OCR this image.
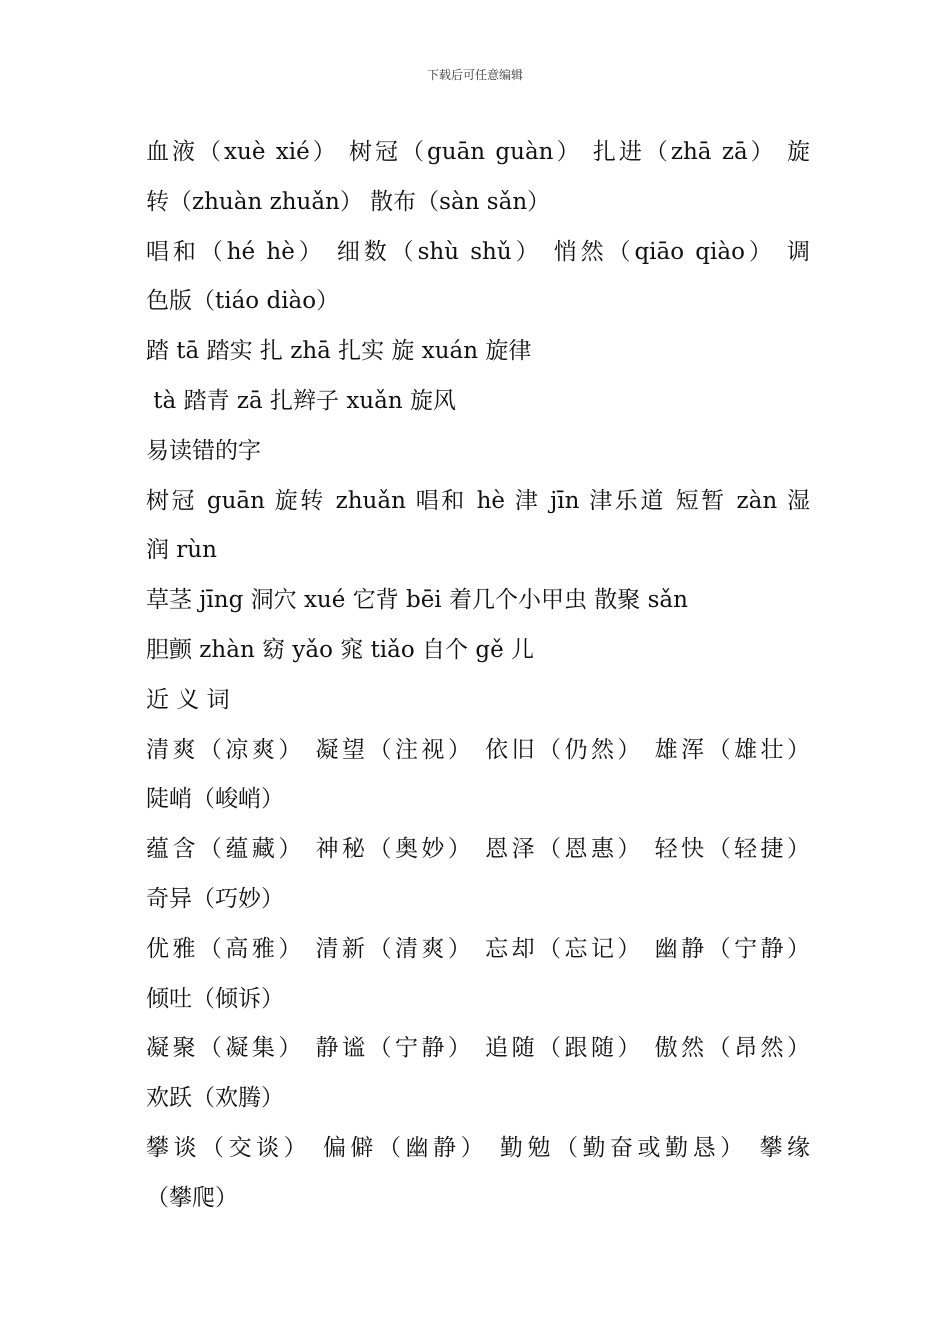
下载后可任意编辑
血液（xuè xié） 树冠（guān guàn） 扎进（zhā zā） 旋
转（zhuàn zhuǎn） 散布（sàn sǎn）
唱和（hé hè） 细数（shù shǔ） 悄然（qiāo qiào） 调
色版（tiáo diào）
踏 tā 踏实 扎 zhā 扎实 旋 xuán 旋律
tà 踏青 zā 扎辫子 xuǎn 旋风
易读错的字
树冠 guān 旋转 zhuǎn 唱和 hè 津 jīn 津乐道 短暂 zàn 湿
润 rùn
草茎 jīng 洞穴 xué 它背 bēi 着几个小甲虫 散聚 sǎn
胆颤 zhàn 窈 yǎo 窕 tiǎo 自个 gě 儿
近 义 词
清爽（凉爽） 凝望（注视） 依旧（仍然） 雄浑（雄壮）
陡峭（峻峭）
蕴含（蕴藏） 神秘（奥妙） 恩泽（恩惠） 轻快（轻捷）
奇异（巧妙）
优雅（高雅） 清新（清爽） 忘却（忘记） 幽静（宁静）
倾吐（倾诉）
凝聚（凝集） 静谧（宁静） 追随（跟随） 傲然（昂然）
欢跃（欢腾）
攀谈（交谈） 偏僻（幽静） 勤勉（勤奋或勤恳） 攀缘
（攀爬）
